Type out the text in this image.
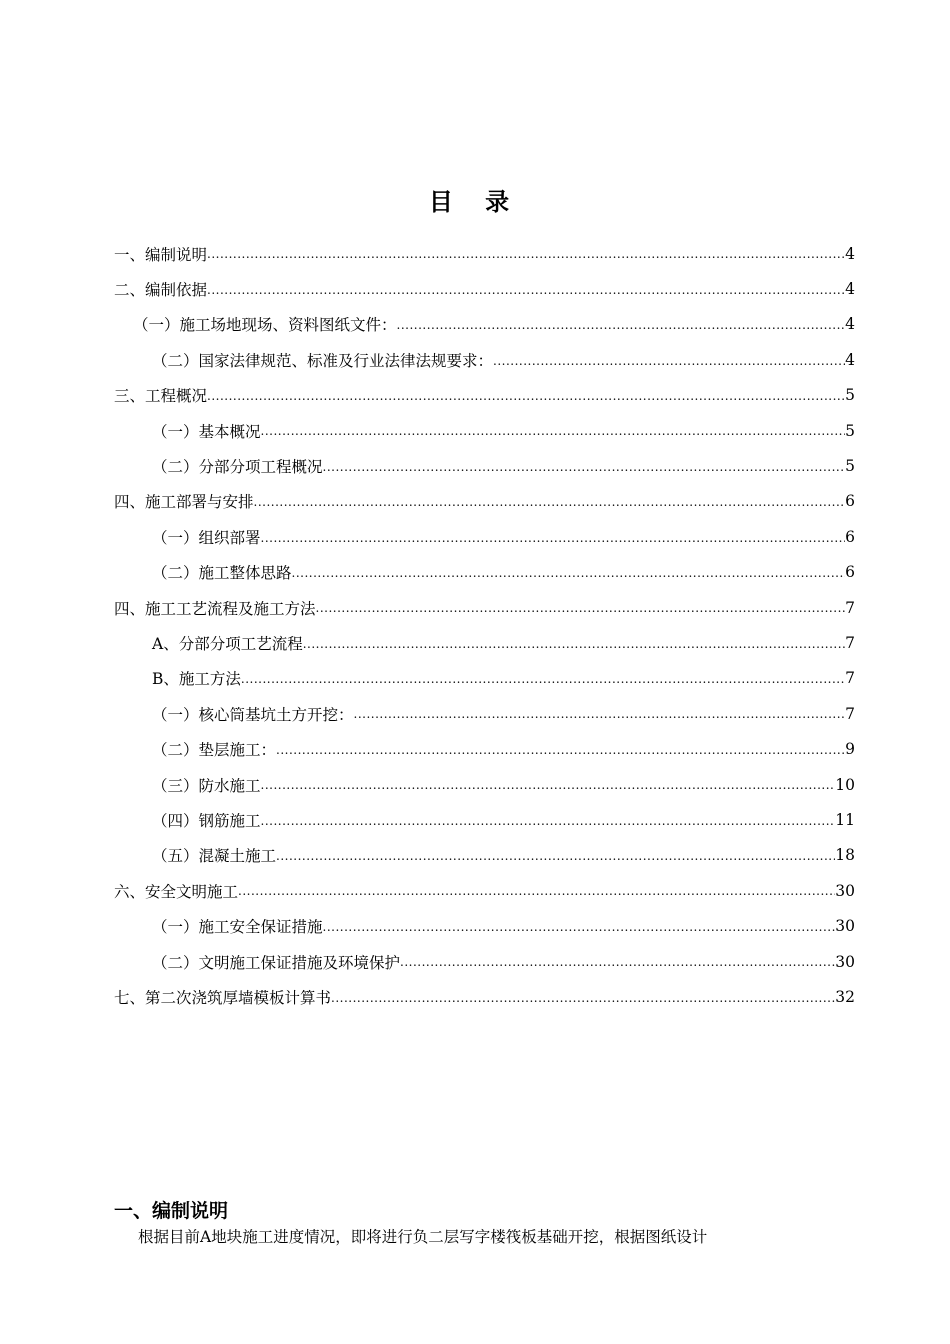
目 录
一、编制说明 .....	4
二、编制依据 .....	4
（一）施工场地现场、资料图纸文件： .....	4
（二）国家法律规范、标准及行业法律法规要求： .....	4
三、工程概况 .....	5
（一）基本概况 .....	5
（二）分部分项工程概况 .....	5
四、施工部署与安排 .....	6
（一）组织部署 .....	6
（二）施工整体思路 .....	6
四、施工工艺流程及施工方法 .....	7
A、分部分项工艺流程 .....	7
B、施工方法 .....	7
（一）核心筒基坑土方开挖： .....	7
（二）垫层施工： .....	9
（三）防水施工 .....	10
（四）钢筋施工 .....	11
（五）混凝土施工 .....	18
六、安全文明施工 .....	30
（一）施工安全保证措施 .....	30
（二）文明施工保证措施及环境保护 .....	30
七、第二次浇筑厚墙模板计算书 .....	32
一、编制说明
根据目前A地块施工进度情况，即将进行负二层写字楼筏板基础开挖，根据图纸设计
